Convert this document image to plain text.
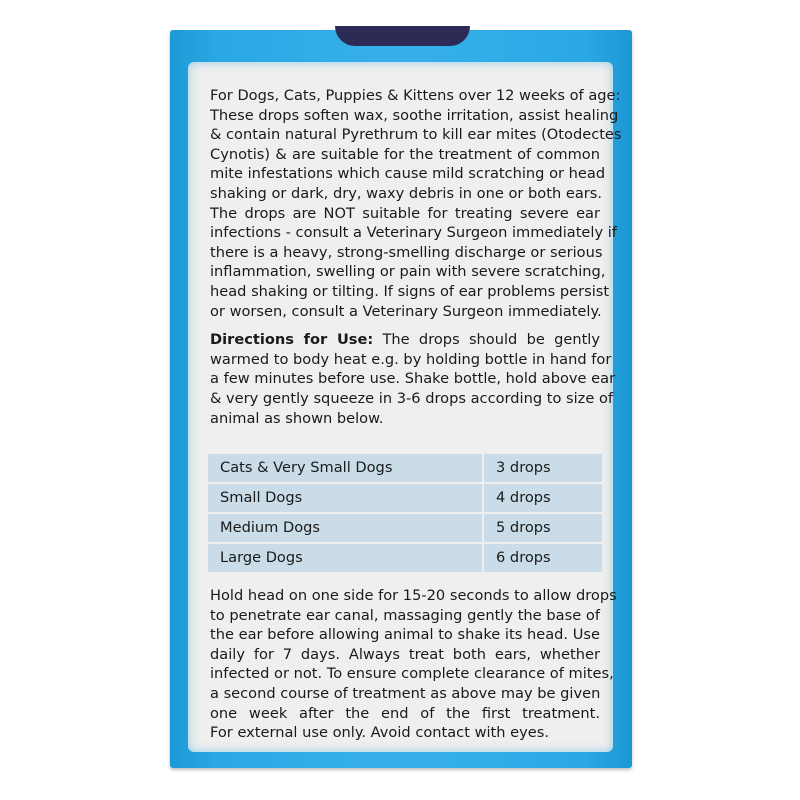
For Dogs, Cats, Puppies & Kittens over 12 weeks of age:
These drops soften wax, soothe irritation, assist healing
& contain natural Pyrethrum to kill ear mites (Otodectes
Cynotis) & are suitable for the treatment of common
mite infestations which cause mild scratching or head
shaking or dark, dry, waxy debris in one or both ears.
The drops are NOT suitable for treating severe ear
infections - consult a Veterinary Surgeon immediately if
there is a heavy, strong-smelling discharge or serious
inflammation, swelling or pain with severe scratching,
head shaking or tilting. If signs of ear problems persist
or worsen, consult a Veterinary Surgeon immediately.
Directions for Use: The drops should be gently
warmed to body heat e.g. by holding bottle in hand for
a few minutes before use. Shake bottle, hold above ear
& very gently squeeze in 3-6 drops according to size of
animal as shown below.
Cats & Very Small Dogs	3 drops
Small Dogs	4 drops
Medium Dogs	5 drops
Large Dogs	6 drops
Hold head on one side for 15-20 seconds to allow drops
to penetrate ear canal, massaging gently the base of
the ear before allowing animal to shake its head. Use
daily for 7 days. Always treat both ears, whether
infected or not. To ensure complete clearance of mites,
a second course of treatment as above may be given
one week after the end of the first treatment.
For external use only. Avoid contact with eyes.
